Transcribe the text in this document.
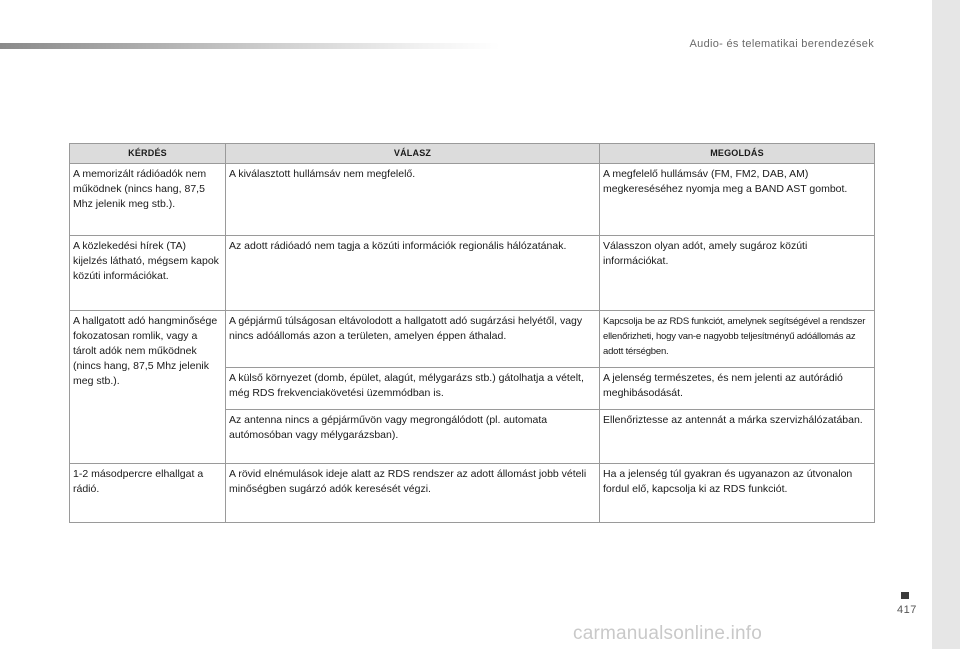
Audio- és telematikai berendezések
KÉRDÉS	VÁLASZ	MEGOLDÁS
A memorizált rádióadók nem működnek (nincs hang, 87,5 Mhz jelenik meg stb.).	A kiválasztott hullámsáv nem megfelelő.	A megfelelő hullámsáv (FM, FM2, DAB, AM) megkereséséhez nyomja meg a BAND AST gombot.
A közlekedési hírek (TA) kijelzés látható, mégsem kapok közúti információkat.	Az adott rádióadó nem tagja a közúti információk regionális hálózatának.	Válasszon olyan adót, amely sugároz közúti információkat.
A hallgatott adó hangminősége fokozatosan romlik, vagy a tárolt adók nem működnek (nincs hang, 87,5 Mhz jelenik meg stb.).	A gépjármű túlságosan eltávolodott a hallgatott adó sugárzási helyétől, vagy nincs adóállomás azon a területen, amelyen éppen áthalad.	Kapcsolja be az RDS funkciót, amelynek segítségével a rendszer ellenőrizheti, hogy van-e nagyobb teljesítményű adóállomás az adott térségben.
	A külső környezet (domb, épület, alagút, mélygarázs stb.) gátolhatja a vételt, még RDS frekvenciakövetési üzemmódban is.	A jelenség természetes, és nem jelenti az autórádió meghibásodását.
	Az antenna nincs a gépjárművön vagy megrongálódott (pl. automata autómosóban vagy mélygarázsban).	Ellenőriztesse az antennát a márka szervizhálózatában.
1-2 másodpercre elhallgat a rádió.	A rövid elnémulások ideje alatt az RDS rendszer az adott állomást jobb vételi minőségben sugárzó adók keresését végzi.	Ha a jelenség túl gyakran és ugyanazon az útvonalon fordul elő, kapcsolja ki az RDS funkciót.
417
carmanualsonline.info
